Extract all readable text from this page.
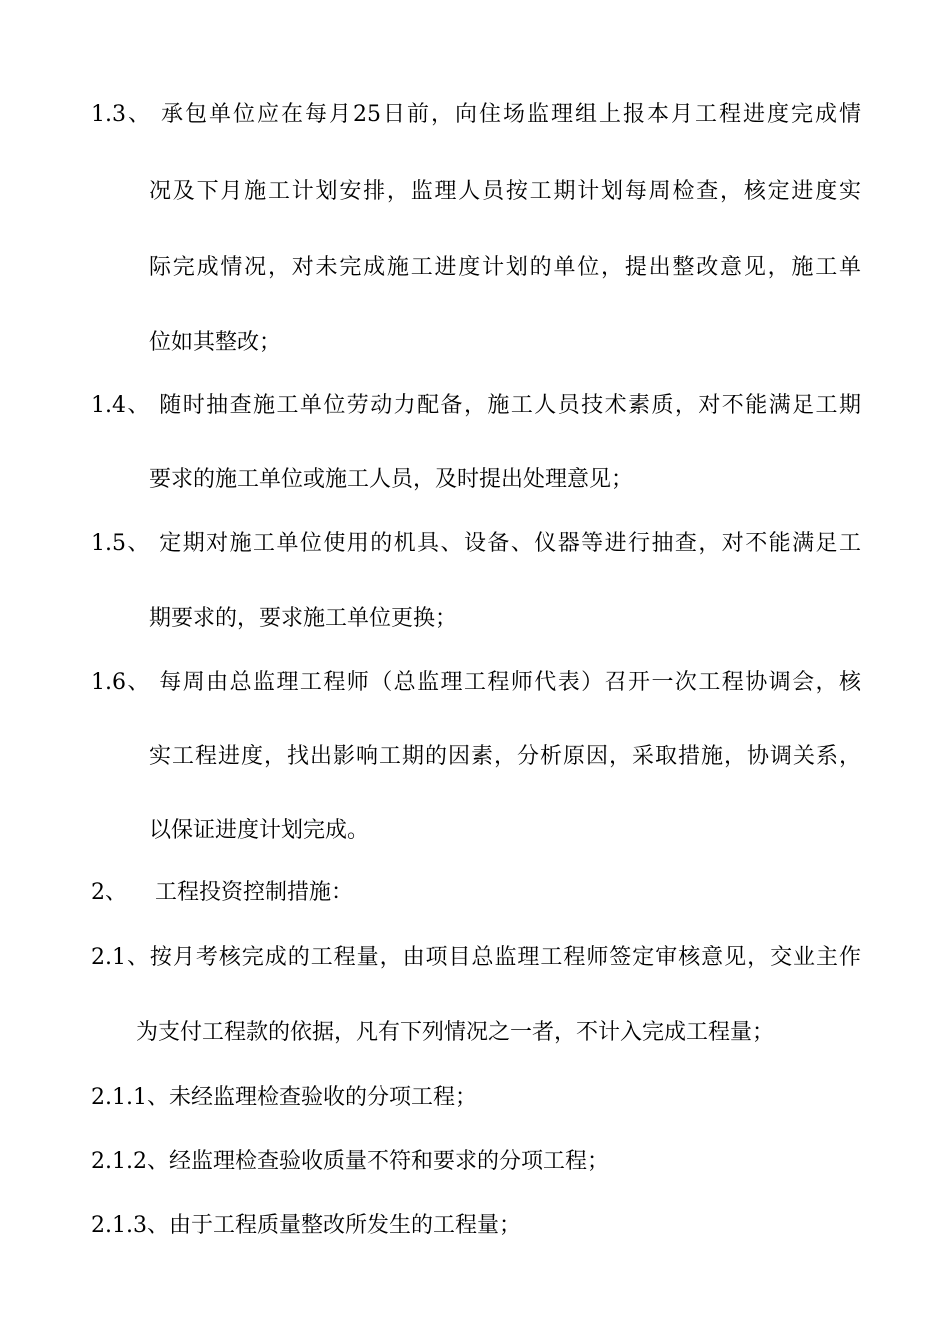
1.3、 承包单位应在每月25日前，向住场监理组上报本月工程进度完成情
况及下月施工计划安排，监理人员按工期计划每周检查，核定进度实
际完成情况，对未完成施工进度计划的单位，提出整改意见，施工单
位如其整改；
1.4、 随时抽查施工单位劳动力配备，施工人员技术素质，对不能满足工期
要求的施工单位或施工人员，及时提出处理意见；
1.5、 定期对施工单位使用的机具、设备、仪器等进行抽查，对不能满足工
期要求的，要求施工单位更换；
1.6、 每周由总监理工程师（总监理工程师代表）召开一次工程协调会，核
实工程进度，找出影响工期的因素，分析原因，采取措施，协调关系，
以保证进度计划完成。
2、    工程投资控制措施：
2.1、按月考核完成的工程量，由项目总监理工程师签定审核意见，交业主作
为支付工程款的依据，凡有下列情况之一者，不计入完成工程量；
2.1.1、未经监理检查验收的分项工程；
2.1.2、经监理检查验收质量不符和要求的分项工程；
2.1.3、由于工程质量整改所发生的工程量；
